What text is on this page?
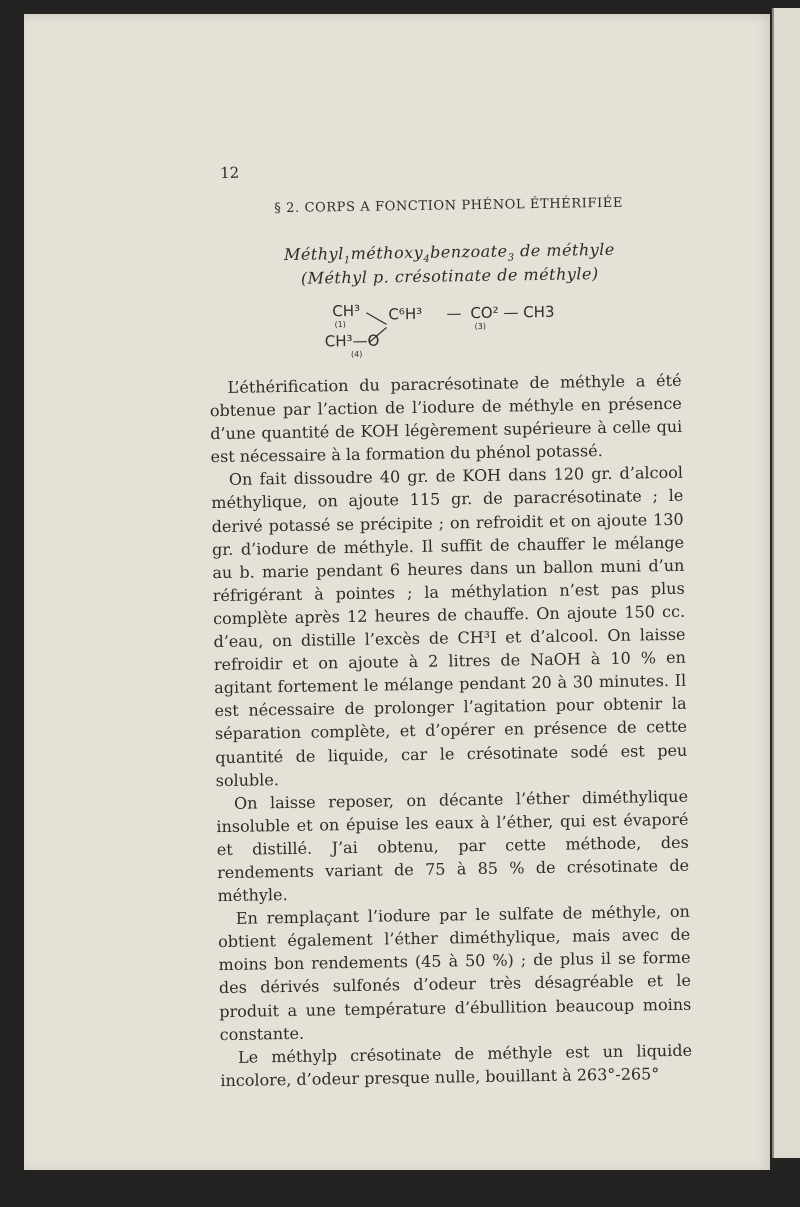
12
§ 2. CORPS A FONCTION PHÉNOL ÉTHÉRIFIÉE
Méthyl$_1$méthoxy$_4$benzoate$_3$ de méthyle
(Méthyl p. crésotinate de méthyle)
CH³
(1)
C⁶H³ — CO² — CH3
(3)
CH³—O
(4)

L’éthérification du paracrésotinate de méthyle a été obtenue par l’action de l’iodure de méthyle en présence d’une quantité de KOH légèrement supérieure à celle qui est nécessaire à la formation du phénol potassé.

On fait dissoudre 40 gr. de KOH dans 120 gr. d’alcool méthylique, on ajoute 115 gr. de paracrésotinate ; le derivé potassé se précipite ; on refroidit et on ajoute 130 gr. d’iodure de méthyle. Il suffit de chauffer le mélange au b. marie pendant 6 heures dans un ballon muni d’un réfrigérant à pointes ; la méthylation n’est pas plus complète après 12 heures de chauffe. On ajoute 150 cc. d’eau, on distille l’excès de CH³I et d’alcool. On laisse refroidir et on ajoute à 2 litres de NaOH à 10 % en agitant fortement le mélange pendant 20 à 30 minutes. Il est nécessaire de prolonger l’agitation pour obtenir la séparation complète, et d’opérer en présence de cette quantité de liquide, car le crésotinate sodé est peu soluble.

On laisse reposer, on décante l’éther diméthylique insoluble et on épuise les eaux à l’éther, qui est évaporé et distillé. J’ai obtenu, par cette méthode, des rendements variant de 75 à 85 % de crésotinate de méthyle.

En remplaçant l’iodure par le sulfate de méthyle, on obtient également l’éther diméthylique, mais avec de moins bon rendements (45 à 50 %) ; de plus il se forme des dérivés sulfonés d’odeur très désagréable et le produit a une température d’ébullition beaucoup moins constante.

Le méthylp crésotinate de méthyle est un liquide incolore, d’odeur presque nulle, bouillant à 263°-265°
